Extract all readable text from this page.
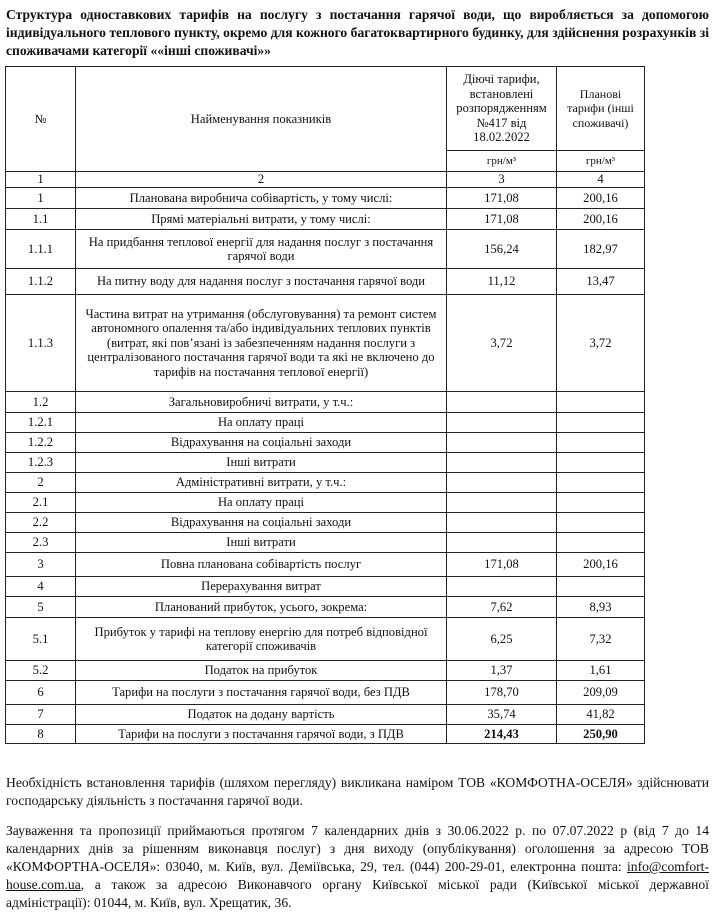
Структура одноставкових тарифів на послугу з постачання гарячої води, що виробляється за допомогою індивідуального теплового пункту, окремо для кожного багатоквартирного будинку, для здійснення розрахунків зі споживачами категорії ««інші споживачі»»
№	Найменування показників	Діючі тарифи, встановлені розпорядженням №417 від 18.02.2022	Планові тарифи (інші споживачі)
		грн/м³	грн/м³
1	2	3	4
1	Планована виробнича собівартість, у тому числі:	171,08	200,16
1.1	Прямі матеріальні витрати, у тому числі:	171,08	200,16
1.1.1	На придбання теплової енергії для надання послуг з постачання гарячої води	156,24	182,97
1.1.2	На питну воду для надання послуг з постачання гарячої води	11,12	13,47
1.1.3	Частина витрат на утримання (обслуговування) та ремонт систем автономного опалення та/або індивідуальних теплових пунктів (витрат, які пов’язані із забезпеченням надання послуги з централізованого постачання гарячої води та які не включено до тарифів на постачання теплової енергії)	3,72	3,72
1.2	Загальновиробничі витрати, у т.ч.:		
1.2.1	На оплату праці		
1.2.2	Відрахування на соціальні заходи		
1.2.3	Інші витрати		
2	Адміністративні витрати, у т.ч.:		
2.1	На оплату праці		
2.2	Відрахування на соціальні заходи		
2.3	Інші витрати		
3	Повна планована собівартість послуг	171,08	200,16
4	Перерахування витрат		
5	Планований прибуток, усього, зокрема:	7,62	8,93
5.1	Прибуток у тарифі на теплову енергію для потреб відповідної категорії споживачів	6,25	7,32
5.2	Податок на прибуток	1,37	1,61
6	Тарифи на послуги з постачання гарячої води, без ПДВ	178,70	209,09
7	Податок на додану вартість	35,74	41,82
8	Тарифи на послуги з постачання гарячої води, з ПДВ	214,43	250,90
Необхідність встановлення тарифів (шляхом перегляду) викликана наміром ТОВ «КОМФОТНА-ОСЕЛЯ» здійснювати господарську діяльність з постачання гарячої води.
Зауваження та пропозиції приймаються протягом 7 календарних днів з 30.06.2022 р. по 07.07.2022 р (від 7 до 14 календарних днів за рішенням виконавця послуг) з дня виходу (опублікування) оголошення за адресою ТОВ «КОМФОРТНА-ОСЕЛЯ»: 03040, м. Київ, вул. Деміївська, 29, тел. (044) 200-29-01, електронна пошта: info@comfort-house.com.ua, а також за адресою Виконавчого органу Київської міської ради (Київської міської державної адміністрації): 01044, м. Київ, вул. Хрещатик, 36.
